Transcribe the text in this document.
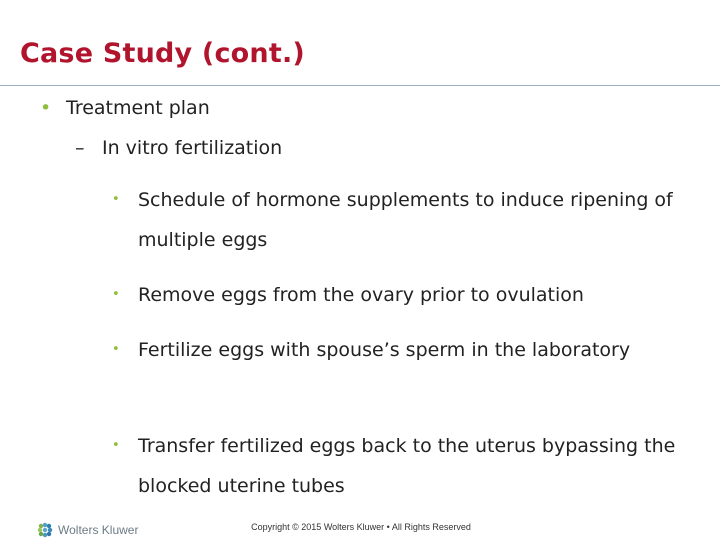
Case Study (cont.)
• Treatment plan
– In vitro fertilization
• Schedule of hormone supplements to induce ripening of multiple eggs
• Remove eggs from the ovary prior to ovulation
• Fertilize eggs with spouse’s sperm in the laboratory
• Transfer fertilized eggs back to the uterus bypassing the blocked uterine tubes
Wolters Kluwer	Copyright © 2015 Wolters Kluwer • All Rights Reserved
